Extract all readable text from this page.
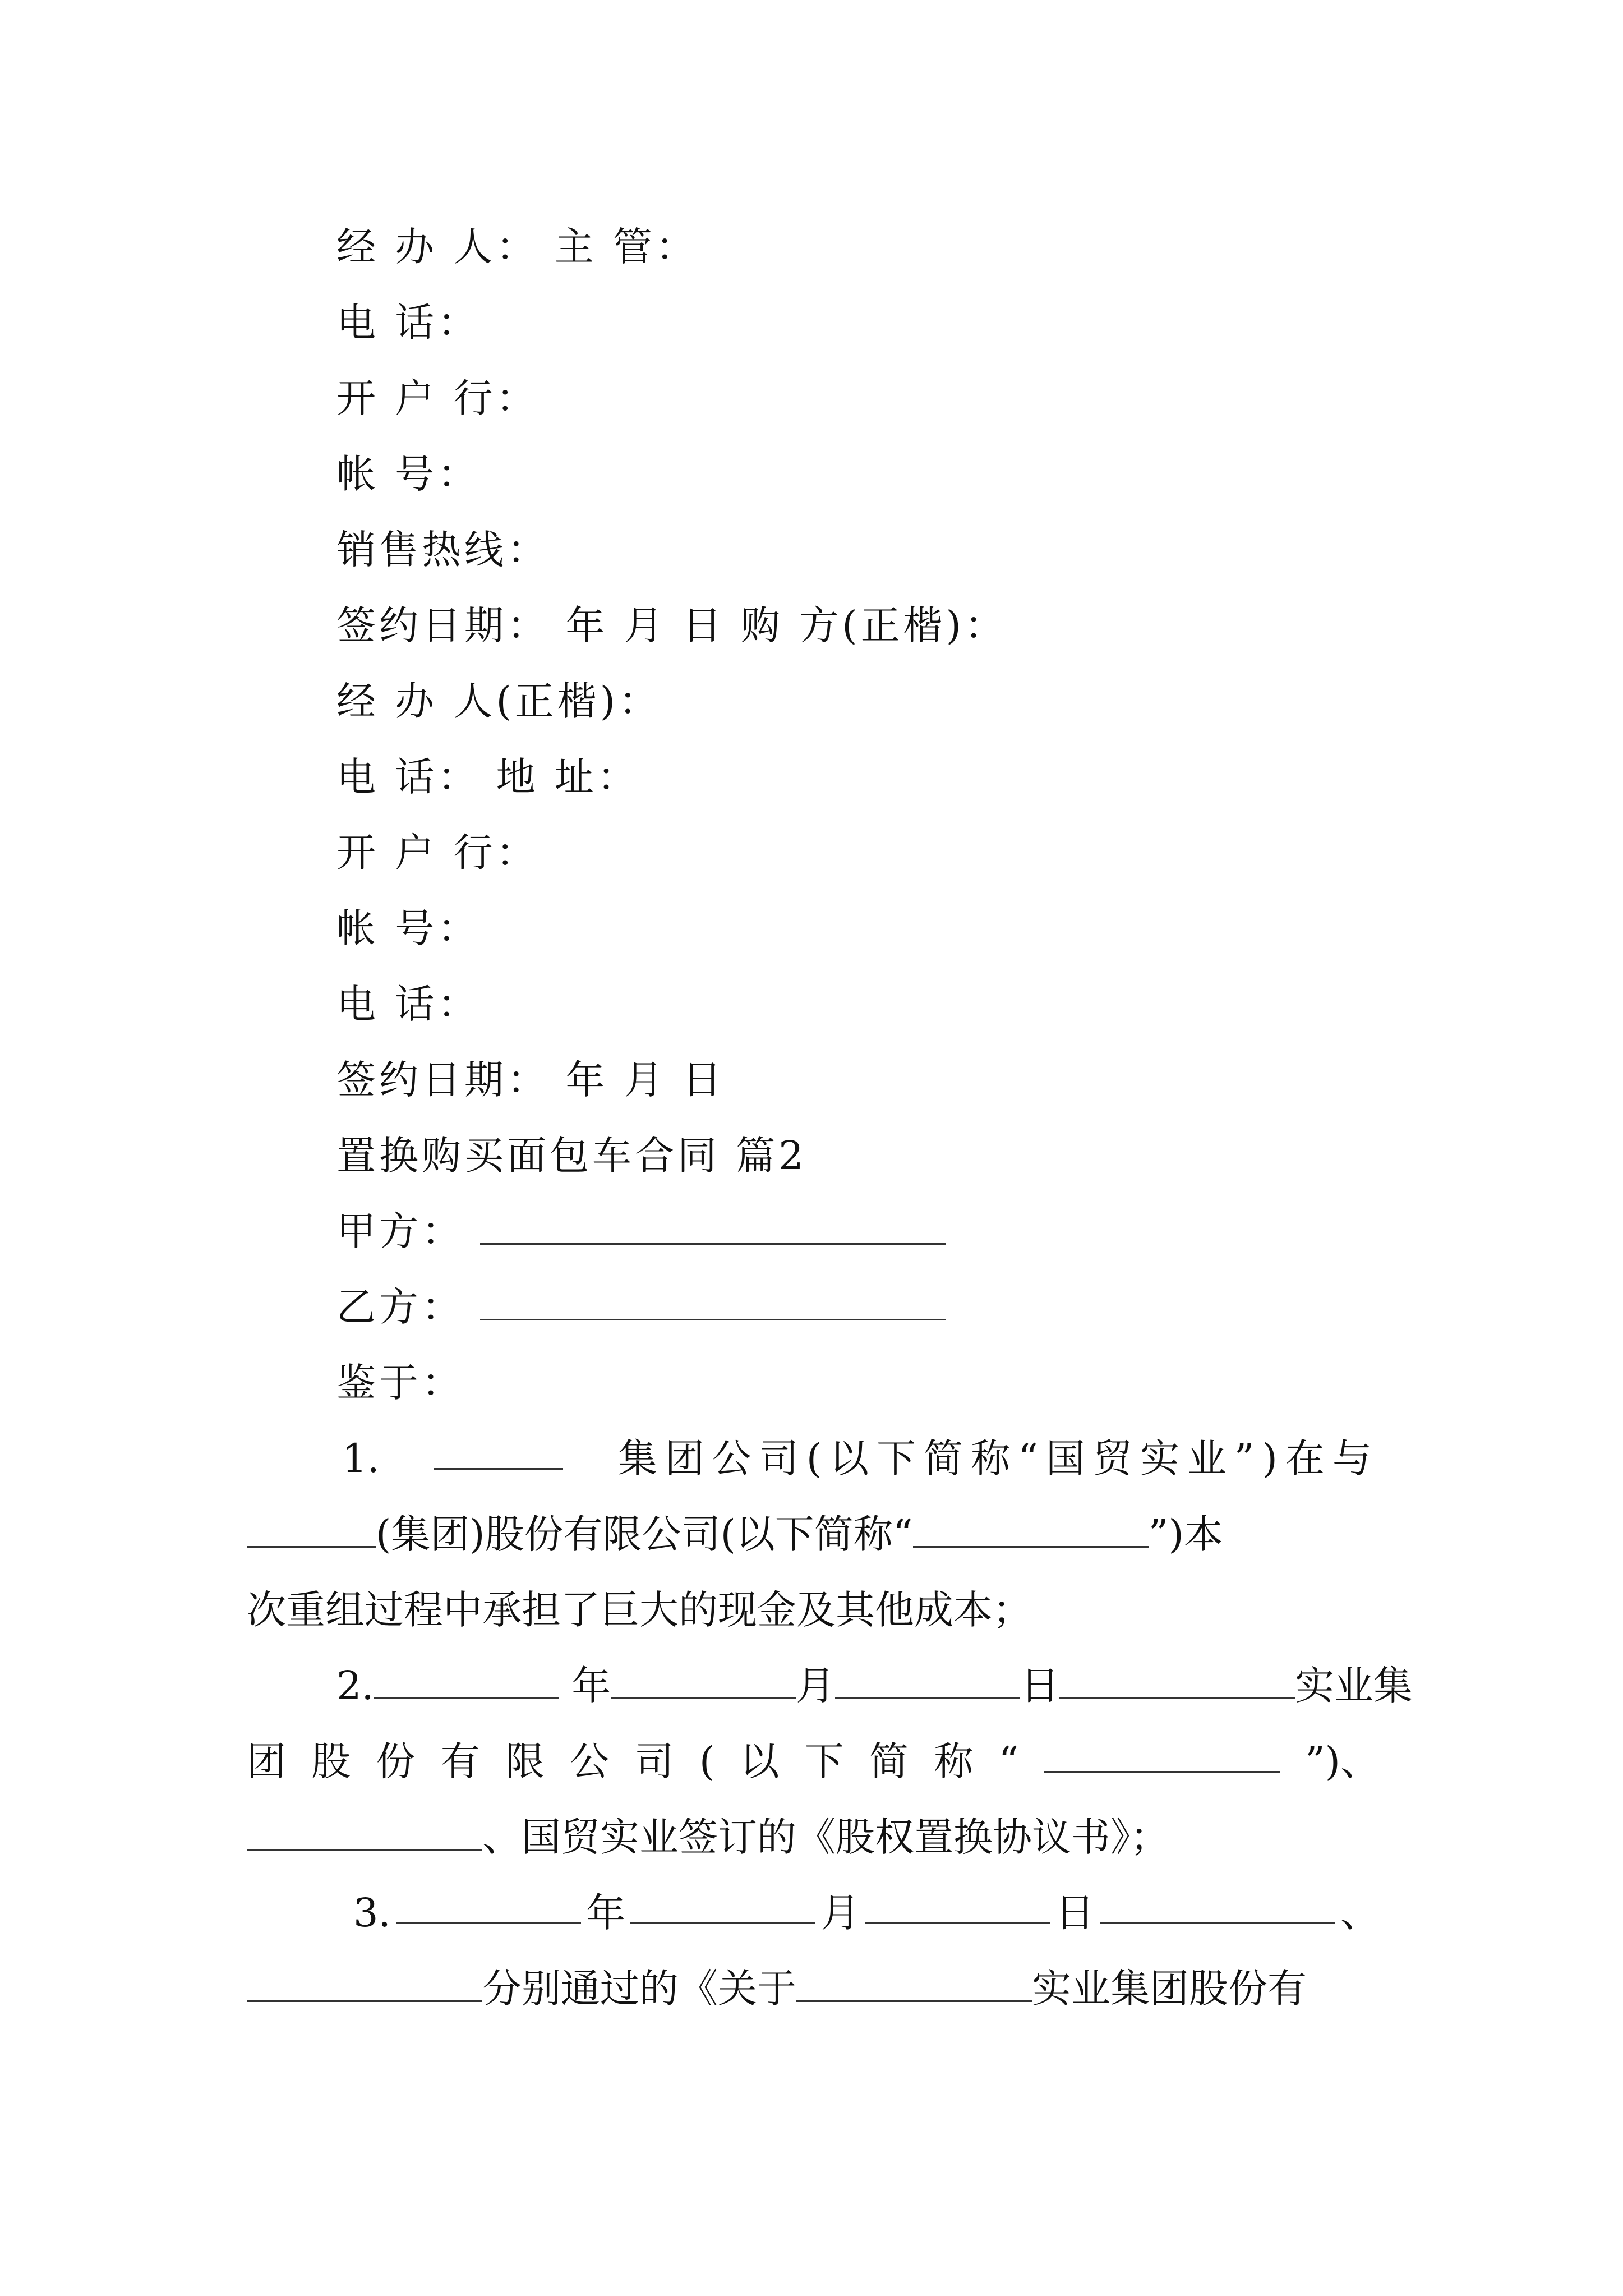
经 办 人： 主 管：
电 话：
开 户 行：
帐 号：
销售热线：
签约日期： 年 月 日 购 方(正楷)：
经 办 人(正楷)：
电 话： 地 址：
开 户 行：
帐 号：
电 话：
签约日期： 年 月 日
置换购买面包车合同 篇2
甲方：
乙方：
鉴于：
1.	集团公司(以下简称“国贸实业”)在与
(集团)股份有限公司(以下简称“	”)本
次重组过程中承担了巨大的现金及其他成本；
2.	年	月	日	实业集
团 股 份 有 限 公 司 ( 以 下 简 称 “	”)、
、国贸实业签订的《股权置换协议书》；
3.	年	月	日	、
分别通过的《关于	实业集团股份有
